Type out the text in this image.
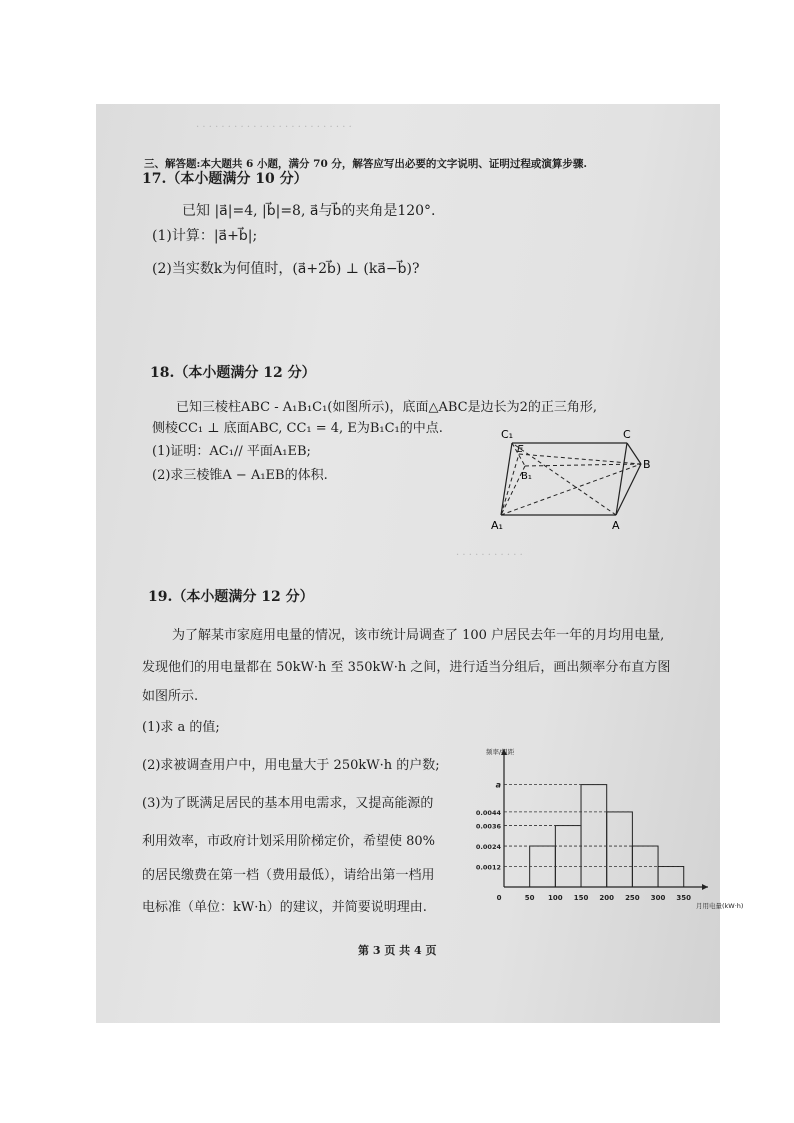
· · · · · · · · · · · · · · · · · · · · · · · · ·
三、解答题:本大题共 6 小题，满分 70 分，解答应写出必要的文字说明、证明过程或演算步骤.
17.（本小题满分 10 分）
已知 |a⃗|=4, |b⃗|=8, a⃗与b⃗的夹角是120°.
(1)计算：|a⃗+b⃗|;
(2)当实数k为何值时，(a⃗+2b⃗) ⊥ (ka⃗−b⃗)?
18.（本小题满分 12 分）
已知三棱柱ABC - A₁B₁C₁(如图所示)，底面△ABC是边长为2的正三角形,
侧棱CC₁ ⊥ 底面ABC, CC₁ = 4, E为B₁C₁的中点.
(1)证明：AC₁// 平面A₁EB;
(2)求三棱锥A − A₁EB的体积.
C₁	C
E
B₁
B
A₁	A
· · · · · · · · · · ·
19.（本小题满分 12 分）
为了解某市家庭用电量的情况，该市统计局调查了 100 户居民去年一年的月均用电量,
发现他们的用电量都在 50kW·h 至 350kW·h 之间，进行适当分组后，画出频率分布直方图
如图所示.
(1)求 a 的值;
(2)求被调查用户中，用电量大于 250kW·h 的户数;
(3)为了既满足居民的基本用电需求，又提高能源的
利用效率，市政府计划采用阶梯定价，希望使 80%
的居民缴费在第一档（费用最低），请给出第一档用
电标准（单位：kW·h）的建议，并简要说明理由.
a
0.0044
0.0036
0.0024
0.0012
0	50 100 150 200 250 300 350
频率/组距
月用电量(kW·h)
第 3 页 共 4 页
